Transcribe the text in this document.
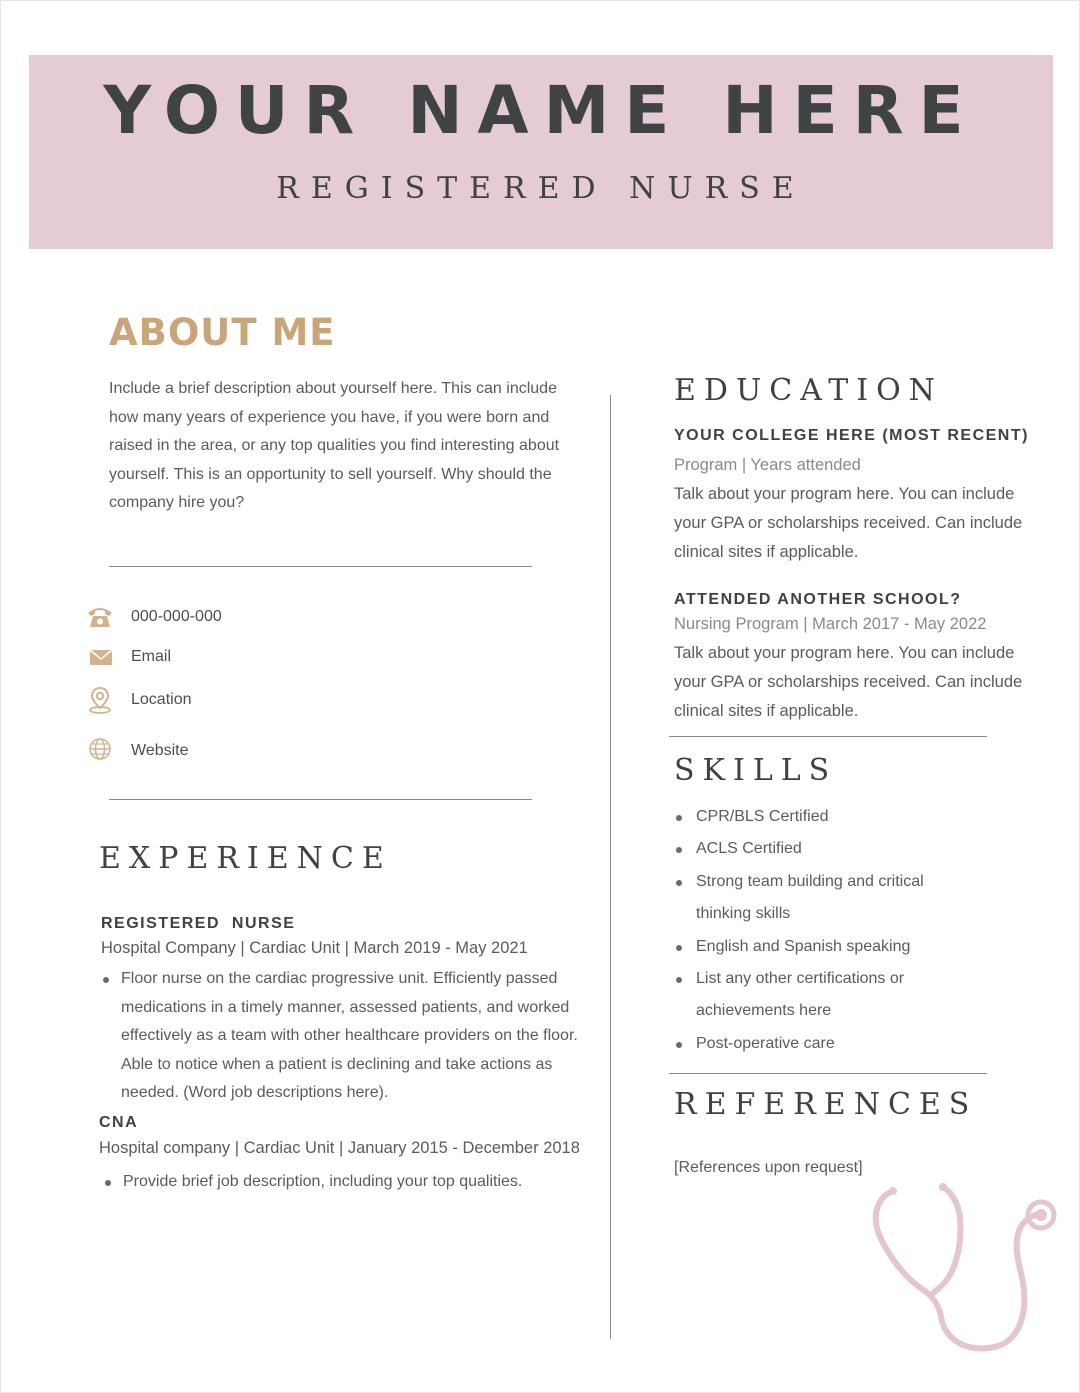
YOUR NAME HERE
REGISTERED NURSE
ABOUT ME
Include a brief description about yourself here. This can include how many years of experience you have, if you were born and raised in the area, or any top qualities you find interesting about yourself. This is an opportunity to sell yourself. Why should the company hire you?
000-000-000
Email
Location
Website
EXPERIENCE
REGISTERED  NURSE
Hospital Company | Cardiac Unit | March 2019 - May 2021
Floor nurse on the cardiac progressive unit. Efficiently passed medications in a timely manner, assessed patients, and worked effectively as a team with other healthcare providers on the floor. Able to notice when a patient is declining and take actions as needed. (Word job descriptions here).
CNA
Hospital company | Cardiac Unit | January 2015 - December 2018
Provide brief job description, including your top qualities.
EDUCATION
YOUR COLLEGE HERE (MOST RECENT)
Program | Years attended
Talk about your program here. You can include your GPA or scholarships received. Can include clinical sites if applicable.
ATTENDED ANOTHER SCHOOL?
Nursing Program | March 2017 - May 2022
Talk about your program here. You can include your GPA or scholarships received. Can include clinical sites if applicable.
SKILLS
CPR/BLS Certified
ACLS Certified
Strong team building and critical thinking skills
English and Spanish speaking
List any other certifications or achievements here
Post-operative care
REFERENCES
[References upon request]
